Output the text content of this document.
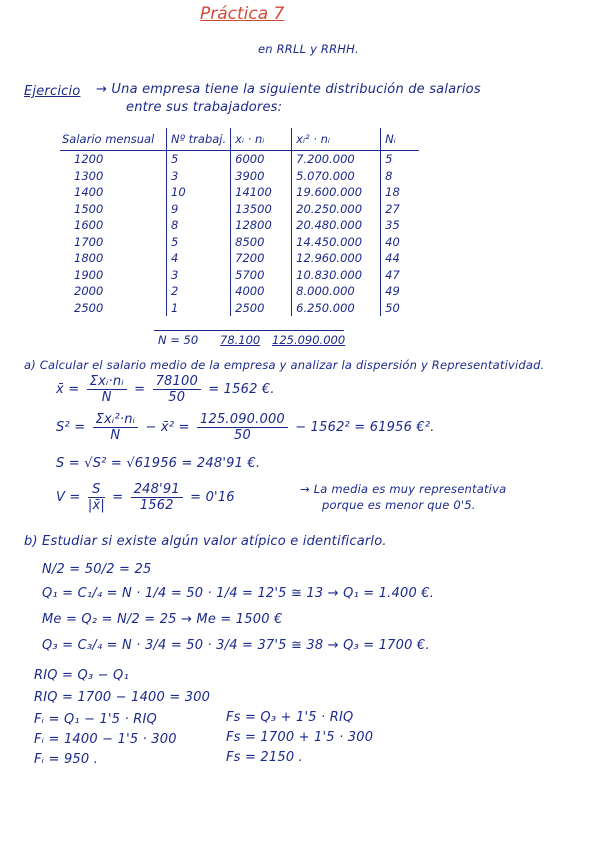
Práctica 7
en RRLL y RRHH.
Ejercicio → Una empresa tiene la siguiente distribución de salarios
entre sus trabajadores:
Salario mensual	Nº trabaj.	xᵢ · nᵢ	xᵢ² · nᵢ	Nᵢ
1200	5	6000	7.200.000	5
1300	3	3900	5.070.000	8
1400	10	14100	19.600.000	18
1500	9	13500	20.250.000	27
1600	8	12800	20.480.000	35
1700	5	8500	14.450.000	40
1800	4	7200	12.960.000	44
1900	3	5700	10.830.000	47
2000	2	4000	8.000.000	49
2500	1	2500	6.250.000	50
N = 50 78.100 125.090.000
a) Calcular el salario medio de la empresa y analizar la dispersión y Representatividad.
x̄ = $\frac{\text{Σxᵢ·nᵢ}}{N} = \frac{78100}{50} = 1562$ €.
$S^2 = \frac{\text{Σxᵢ²·nᵢ}}{N}$ − x̄² = $\frac{125.090.000}{50} - 1562^2 = 61956$ €².
S = √S² = √61956 = 248'91 €.
$V = \frac{S}{|x̄|} = \frac{248'91}{1562} = 0'16$
→ La media es muy representativa
porque es menor que 0'5.
b) Estudiar si existe algún valor atípico e identificarlo.
N/2 = 50/2 = 25
Q₁ = C₁/₄ = N · 1/4 = 50 · 1/4 = 12'5 ≅ 13 → Q₁ = 1.400 €.
Me = Q₂ = N/2 = 25 → Me = 1500 €
Q₃ = C₃/₄ = N · 3/4 = 50 · 3/4 = 37'5 ≅ 38 → Q₃ = 1700 €.
RIQ = Q₃ − Q₁
RIQ = 1700 − 1400 = 300
Fᵢ = Q₁ − 1'5 · RIQ
Fᵢ = 1400 − 1'5 · 300
Fᵢ = 950 .
Fs = Q₃ + 1'5 · RIQ
Fs = 1700 + 1'5 · 300
Fs = 2150 .
